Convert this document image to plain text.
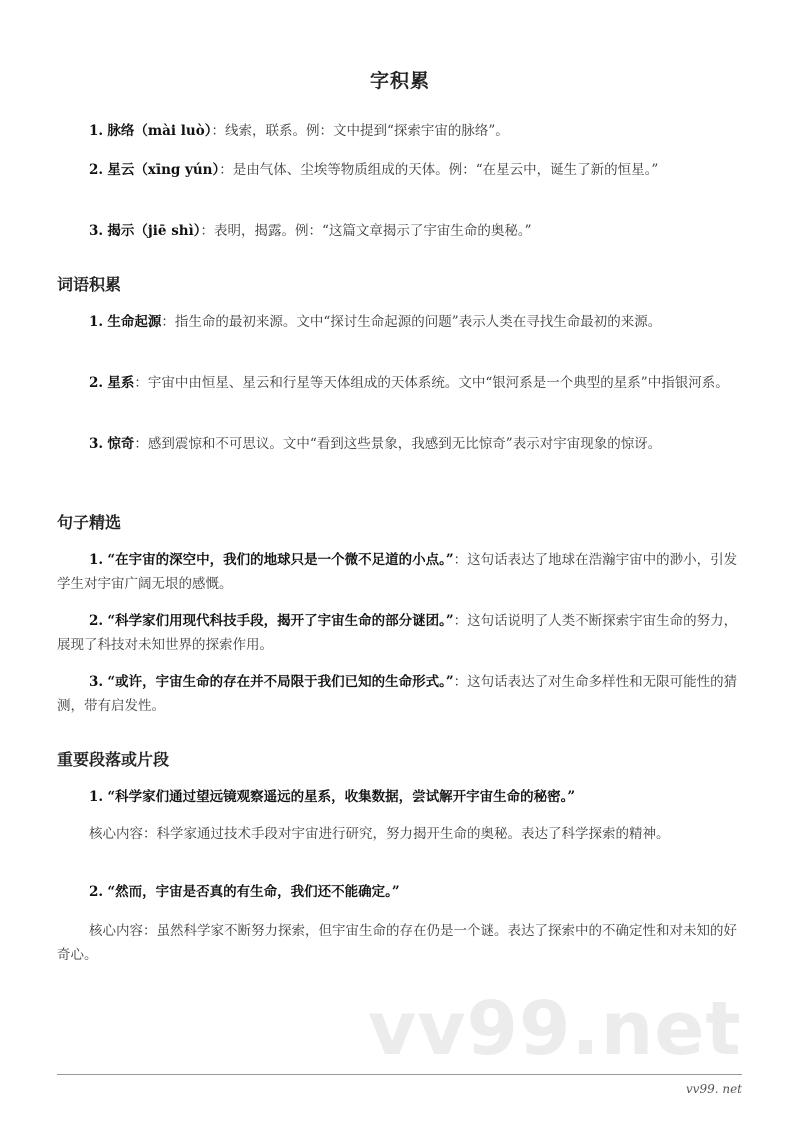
字积累
1. 脉络（mài luò）：线索，联系。例：文中提到“探索宇宙的脉络”。
2. 星云（xīng yún）：是由气体、尘埃等物质组成的天体。例：“在星云中，诞生了新的恒星。”
3. 揭示（jiē shì）：表明，揭露。例：“这篇文章揭示了宇宙生命的奥秘。”
词语积累
1. 生命起源：指生命的最初来源。文中“探讨生命起源的问题”表示人类在寻找生命最初的来源。
2. 星系：宇宙中由恒星、星云和行星等天体组成的天体系统。文中“银河系是一个典型的星系”中指银河系。
3. 惊奇：感到震惊和不可思议。文中“看到这些景象，我感到无比惊奇”表示对宇宙现象的惊讶。
句子精选
1. “在宇宙的深空中，我们的地球只是一个微不足道的小点。”：这句话表达了地球在浩瀚宇宙中的渺小，引发学生对宇宙广阔无垠的感慨。
2. “科学家们用现代科技手段，揭开了宇宙生命的部分谜团。”：这句话说明了人类不断探索宇宙生命的努力，展现了科技对未知世界的探索作用。
3. “或许，宇宙生命的存在并不局限于我们已知的生命形式。”：这句话表达了对生命多样性和无限可能性的猜测，带有启发性。
重要段落或片段
1. “科学家们通过望远镜观察遥远的星系，收集数据，尝试解开宇宙生命的秘密。”
核心内容：科学家通过技术手段对宇宙进行研究，努力揭开生命的奥秘。表达了科学探索的精神。
2. “然而，宇宙是否真的有生命，我们还不能确定。”
核心内容：虽然科学家不断努力探索，但宇宙生命的存在仍是一个谜。表达了探索中的不确定性和对未知的好奇心。
vv99.net
vv99. net
